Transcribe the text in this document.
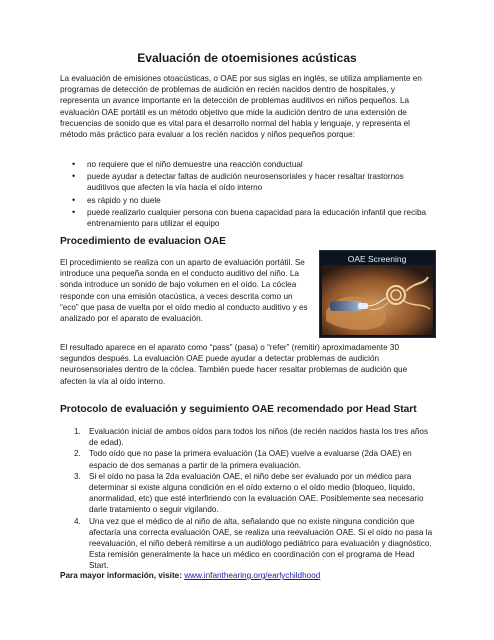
Evaluación de otoemisiones acústicas

La evaluación de emisiones otoacústicas, o OAE por sus siglas en inglés, se utiliza ampliamente en programas de detección de problemas de audición en recién nacidos dentro de hospitales, y representa un avance importante en la detección de problemas auditivos en niños pequeños. La evaluación OAE portátil es un método objetivo que mide la audición dentro de una extensión de frecuencias de sonido que es vital para el desarrollo normal del habla y lenguaje, y representa el método más práctico para evaluar a los recién nacidos y niños pequeños porque:

• no requiere que el niño demuestre una reacción conductual
• puede ayudar a detectar faltas de audición neurosensoriales y hacer resaltar trastornos auditivos que afecten la vía hacia el oído interno
• es rápido y no duele
• puede realizarlo cualquier persona con buena capacidad para la educación infantil que reciba entrenamiento para utilizar el equipo
Procedimiento de evaluacion OAE

El procedimiento se realiza con un aparto de evaluación portátil. Se introduce una pequeña sonda en el conducto auditivo del niño. La sonda introduce un sonido de bajo volumen en el oído. La cóclea responde con una emisión otacústica, a veces descrita como un “eco” que pasa de vuelta por el oído medio al conducto auditivo y es analizado por el aparato de evaluación.

OAE Screening

El resultado aparece en el aparato como “pass” (pasa) o “refer” (remitir) aproximadamente 30 segundos después. La evaluación OAE puede ayudar a detectar problemas de audición neurosensoriales dentro de la cóclea. También puede hacer resaltar problemas de audición que afecten la vía al oído interno.

Protocolo de evaluación y seguimiento OAE recomendado por Head Start
1. Evaluación inicial de ambos oídos para todos los niños (de recién nacidos hasta los tres años de edad).
2. Todo oído que no pase la primera evaluación (1a OAE) vuelve a evaluarse (2da OAE) en espacio de dos semanas a partir de la primera evaluación.
3. Si el oído no pasa la 2da evaluación OAE, el niño debe ser evaluado por un médico para determinar si existe alguna condición en el oído externo o el oído medio (bloqueo, líquido, anormalidad, etc) que esté interfiriendo con la evaluación OAE. Posiblemente sea necesario darle tratamiento o seguir vigilando.
4. Una vez que el médico de al niño de alta, señalando que no existe ninguna condición que afectaría una correcta evaluación OAE, se realiza una reevaluación OAE. Si el oído no pasa la reevaluación, el niño deberá remitirse a un audiólogo pediátrico para evaluación y diagnóstico. Esta remisión generalmente la hace un médico en coordinación con el programa de Head Start.

Para mayor información, visite: www.infanthearing.org/earlychildhood
